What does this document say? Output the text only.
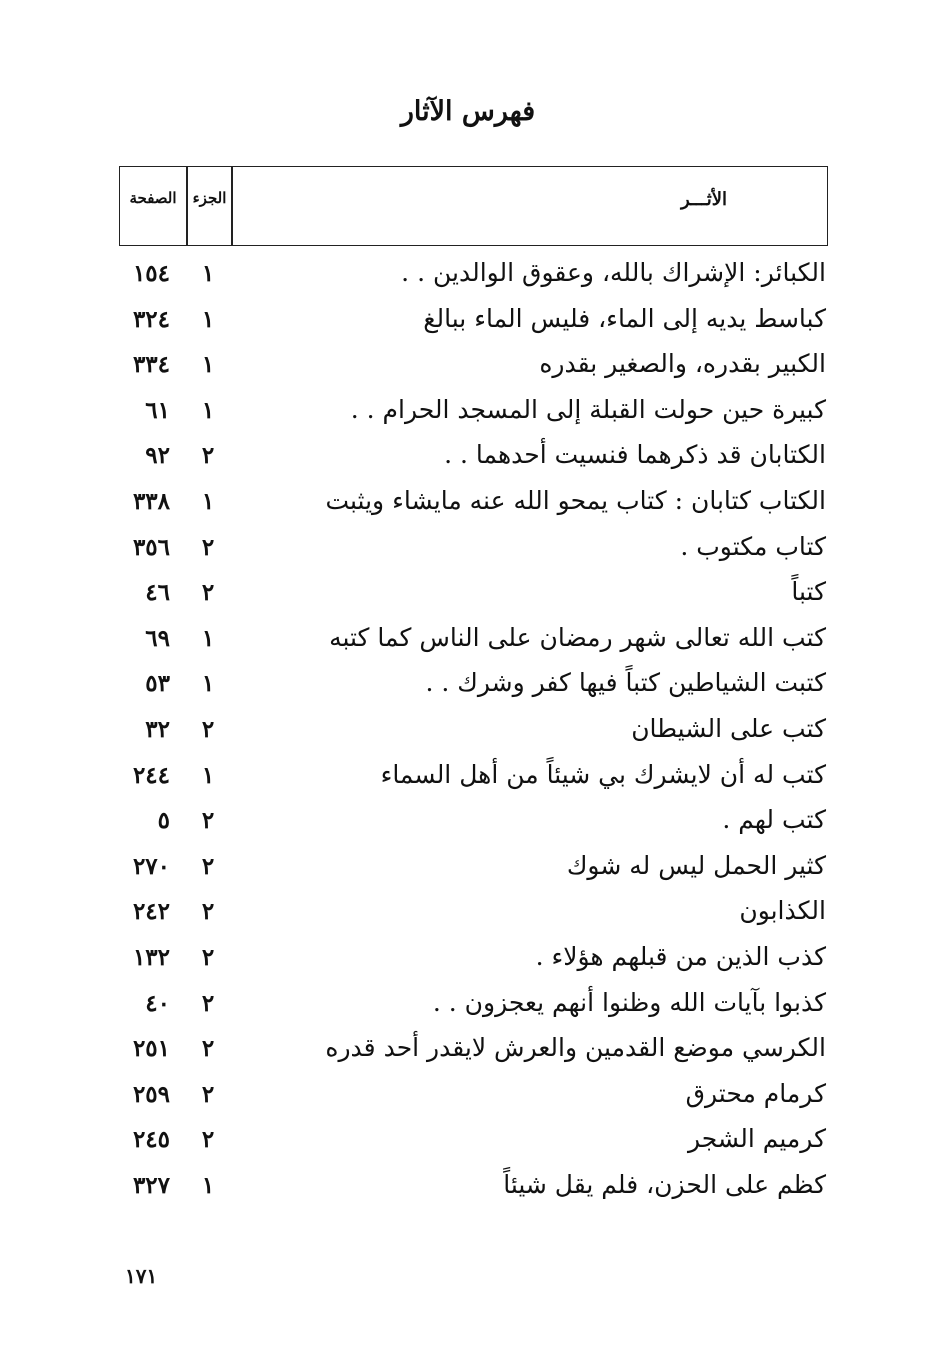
فهرس الآثار
الصفحة	الجزء	الأثـــر
١٥٤	١	الكبائر: الإشراك بالله، وعقوق الوالدين . .
٣٢٤	١	كباسط يديه إلى الماء، فليس الماء ببالغ
٣٣٤	١	الكبير بقدره، والصغير بقدره
٦١	١	كبيرة حين حولت القبلة إلى المسجد الحرام . .
٩٢	٢	الكتابان قد ذكرهما فنسيت أحدهما . .
٣٣٨	١	الكتاب كتابان : كتاب يمحو الله عنه مايشاء ويثبت
٣٥٦	٢	كتاب مكتوب .
٤٦	٢	كتباً
٦٩	١	كتب الله تعالى شهر رمضان على الناس كما كتبه
٥٣	١	كتبت الشياطين كتباً فيها كفر وشرك . .
٣٢	٢	كتب على الشيطان
٢٤٤	١	كتب له أن لايشرك بي شيئاً من أهل السماء
٥	٢	كتب لهم .
٢٧٠	٢	كثير الحمل ليس له شوك
٢٤٢	٢	الكذابون
١٣٢	٢	كذب الذين من قبلهم هؤلاء .
٤٠	٢	كذبوا بآيات الله وظنوا أنهم يعجزون . .
٢٥١	٢	الكرسي موضع القدمين والعرش لايقدر أحد قدره
٢٥٩	٢	كرمام محترق
٢٤٥	٢	كرميم الشجر
٣٢٧	١	كظم على الحزن، فلم يقل شيئاً
١٧١
